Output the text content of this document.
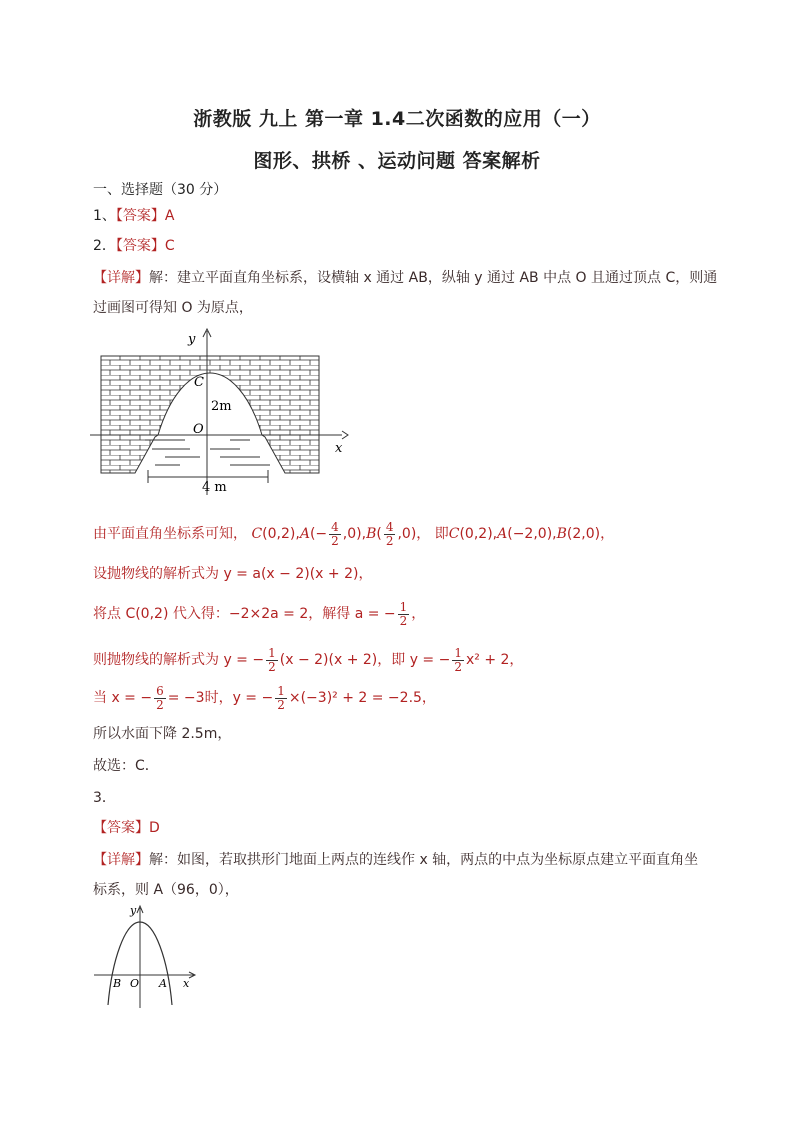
浙教版 九上 第一章 1.4二次函数的应用（一）
图形、拱桥 、运动问题 答案解析
一、选择题（30 分）
1、【答案】A
2．【答案】C
【详解】解：建立平面直角坐标系，设横轴 x 通过 AB，纵轴 y 通过 AB 中点 O 且通过顶点 C，则通
过画图可得知 O 为原点，
y
x
C
O
2m
4 m
由平面直角坐标系可知， $C(0,2),A(- \frac{4}{2} ,0),B( \frac{4}{2} ,0)$， 即C(0,2),A(−2,0),B(2,0)，
设抛物线的解析式为 y = a(x − 2)(x + 2)，
将点 C(0,2) 代入得：−2×2a = 2，解得 a = − $\frac{1}{2}$ ，
则抛物线的解析式为 y = − $\frac{1}{2} (x - 2)(x + 2)$，即 y = − $\frac{1}{2} x^2 + 2$，
当 x = − $\frac{6}{2} = -3$时，y = − $\frac{1}{2} \times(-3)^2 + 2 = -2.5$，
所以水面下降 2.5m，
故选：C．
3．
【答案】D
【详解】解：如图，若取拱形门地面上两点的连线作 x 轴，两点的中点为坐标原点建立平面直角坐
标系，则 A（96，0），
y
x
B O A
